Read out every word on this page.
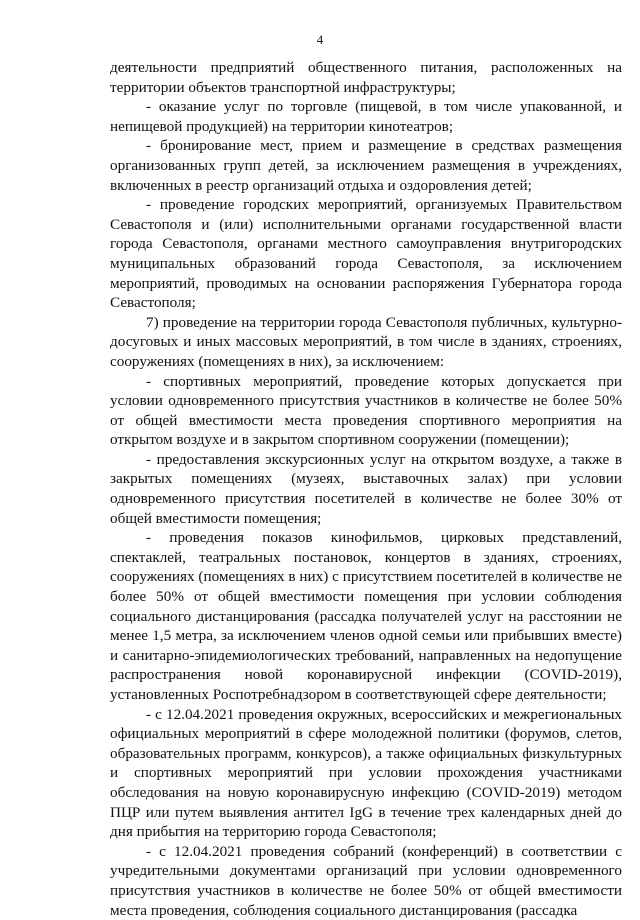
4

деятельности предприятий общественного питания, расположенных на территории объектов транспортной инфраструктуры;

- оказание услуг по торговле (пищевой, в том числе упакованной, и непищевой продукцией) на территории кинотеатров;

- бронирование мест, прием и размещение в средствах размещения организованных групп детей, за исключением размещения в учреждениях, включенных в реестр организаций отдыха и оздоровления детей;

- проведение городских мероприятий, организуемых Правительством Севастополя и (или) исполнительными органами государственной власти города Севастополя, органами местного самоуправления внутригородских муниципальных образований города Севастополя, за исключением мероприятий, проводимых на основании распоряжения Губернатора города Севастополя;

7) проведение на территории города Севастополя публичных, культурно-досуговых и иных массовых мероприятий, в том числе в зданиях, строениях, сооружениях (помещениях в них), за исключением:

- спортивных мероприятий, проведение которых допускается при условии одновременного присутствия участников в количестве не более 50% от общей вместимости места проведения спортивного мероприятия на открытом воздухе и в закрытом спортивном сооружении (помещении);

- предоставления экскурсионных услуг на открытом воздухе, а также в закрытых помещениях (музеях, выставочных залах) при условии одновременного присутствия посетителей в количестве не более 30% от общей вместимости помещения;

- проведения показов кинофильмов, цирковых представлений, спектаклей, театральных постановок, концертов в зданиях, строениях, сооружениях (помещениях в них) с присутствием посетителей в количестве не более 50% от общей вместимости помещения при условии соблюдения социального дистанцирования (рассадка получателей услуг на расстоянии не менее 1,5 метра, за исключением членов одной семьи или прибывших вместе) и санитарно-эпидемиологических требований, направленных на недопущение распространения новой коронавирусной инфекции (COVID-2019), установленных Роспотребнадзором в соответствующей сфере деятельности;

- с 12.04.2021 проведения окружных, всероссийских и межрегиональных официальных мероприятий в сфере молодежной политики (форумов, слетов, образовательных программ, конкурсов), а также официальных физкультурных и спортивных мероприятий при условии прохождения участниками обследования на новую коронавирусную инфекцию (COVID-2019) методом ПЦР или путем выявления антител IgG в течение трех календарных дней до дня прибытия на территорию города Севастополя;

- с 12.04.2021 проведения собраний (конференций) в соответствии с учредительными документами организаций при условии одновременного присутствия участников в количестве не более 50% от общей вместимости места проведения, соблюдения социального дистанцирования (рассадка
